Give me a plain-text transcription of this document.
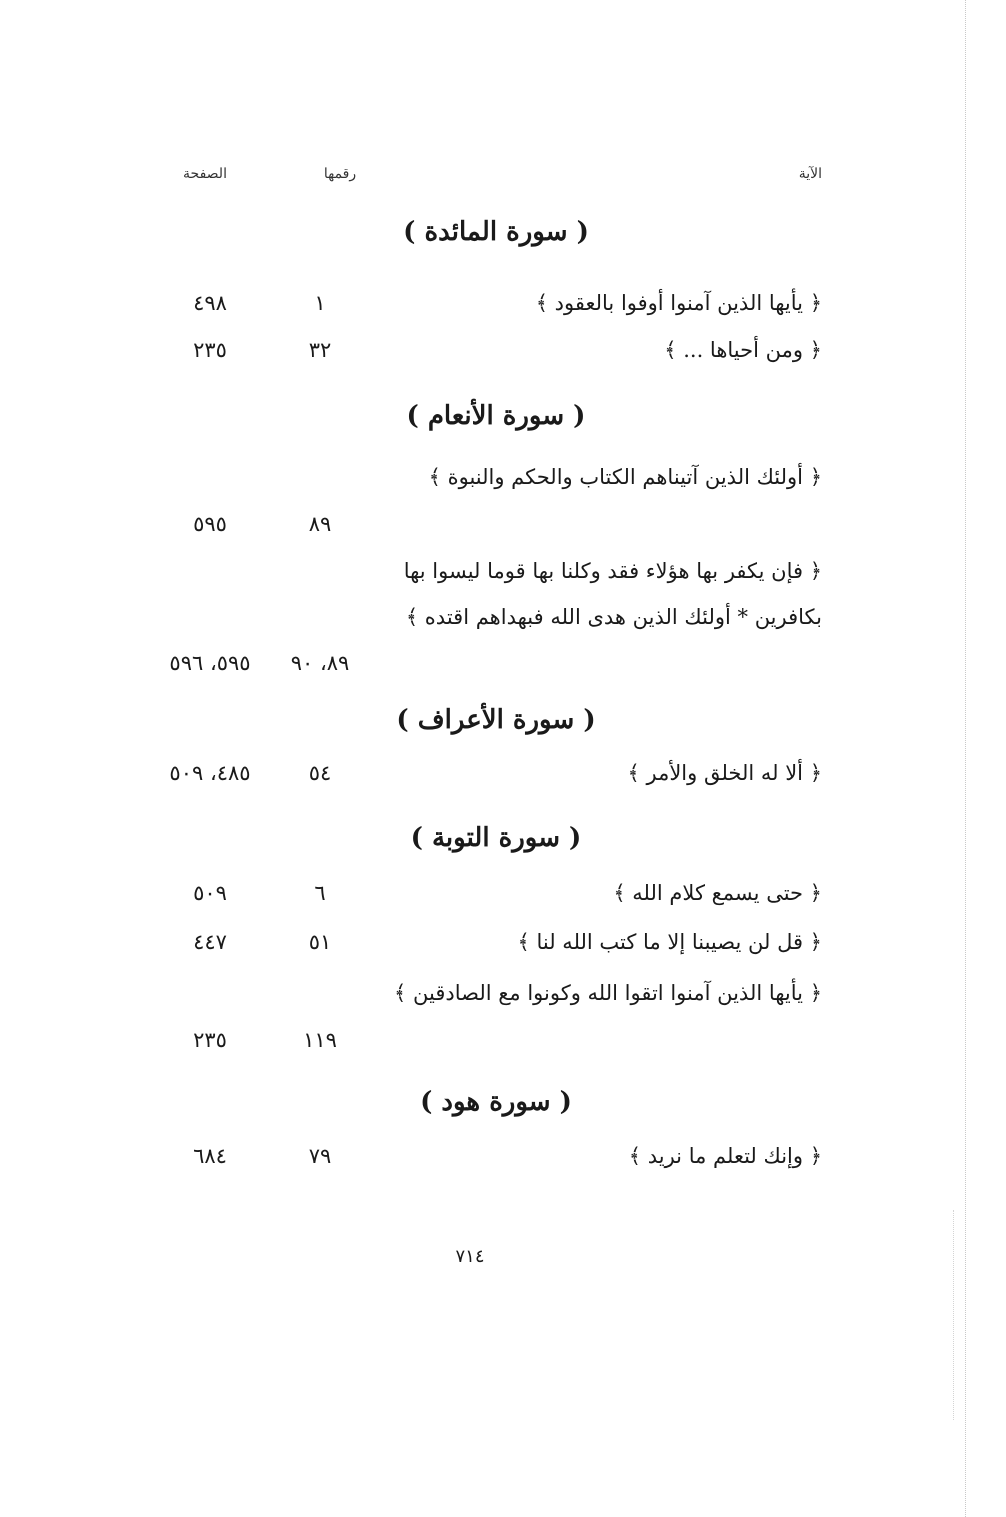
الآية
رقمها
الصفحة
( سورة المائدة )
﴿ يأيها الذين آمنوا أوفوا بالعقود ﴾
١
٤٩٨
﴿ ومن أحياها ... ﴾
٣٢
٢٣٥
( سورة الأنعام )
﴿ أولئك الذين آتيناهم الكتاب والحكم والنبوة ﴾
٨٩
٥٩٥
﴿ فإن يكفر بها هؤلاء فقد وكلنا بها قوما ليسوا بها بكافرين * أولئك الذين هدى الله فبهداهم اقتده ﴾
٨٩، ٩٠
٥٩٥، ٥٩٦
( سورة الأعراف )
﴿ ألا له الخلق والأمر ﴾
٥٤
٤٨٥، ٥٠٩
( سورة التوبة )
﴿ حتى يسمع كلام الله ﴾
٦
٥٠٩
﴿ قل لن يصيبنا إلا ما كتب الله لنا ﴾
٥١
٤٤٧
﴿ يأيها الذين آمنوا اتقوا الله وكونوا مع الصادقين ﴾
١١٩
٢٣٥
( سورة هود )
﴿ وإنك لتعلم ما نريد ﴾
٧٩
٦٨٤
٧١٤
